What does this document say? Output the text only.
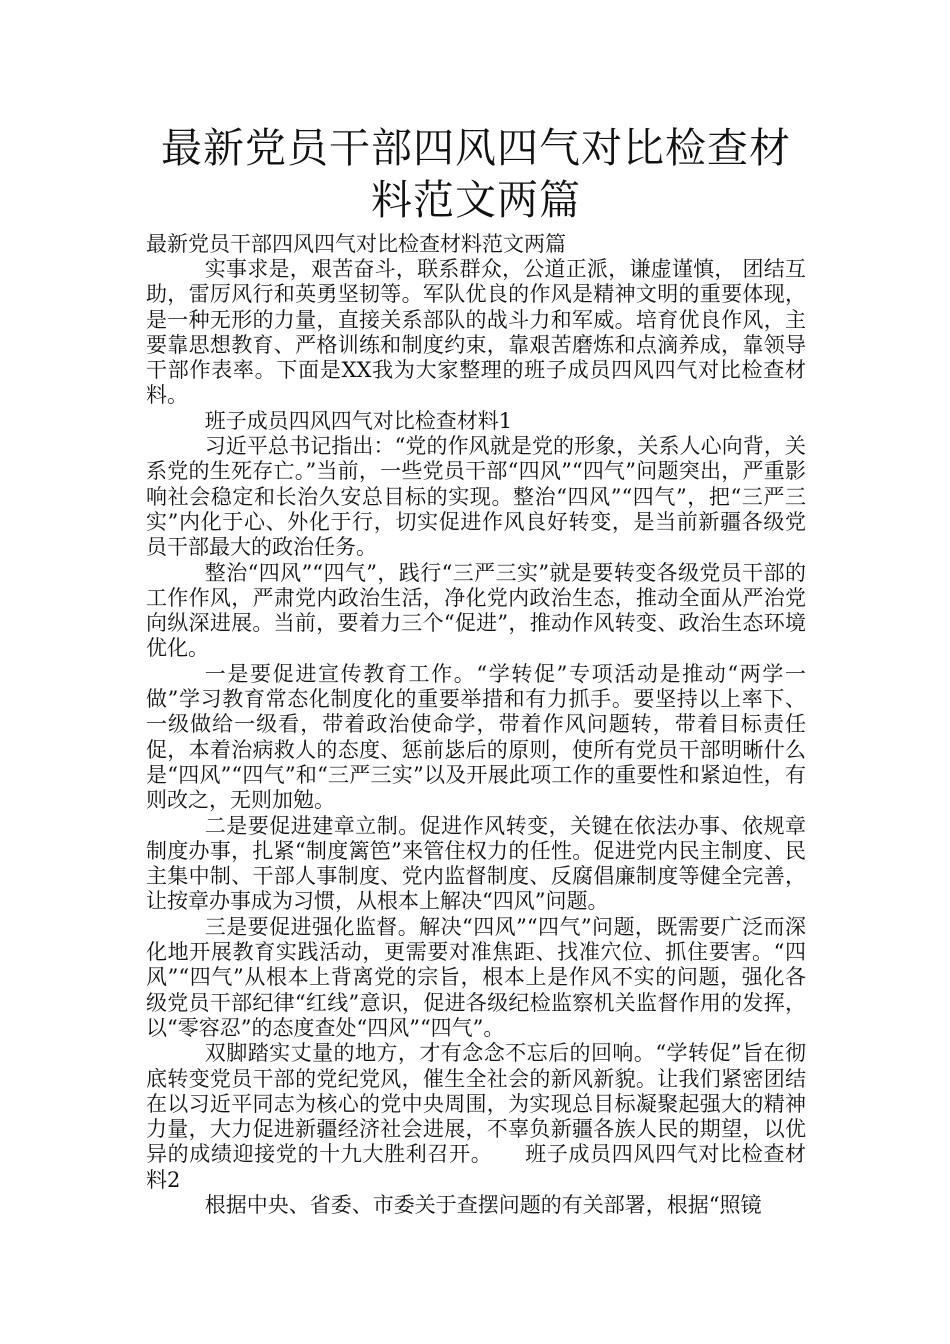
最新党员干部四风四气对比检查材料范文两篇

最新党员干部四风四气对比检查材料范文两篇

实事求是，艰苦奋斗，联系群众，公道正派，谦虚谨慎， 团结互助，雷厉风行和英勇坚韧等。军队优良的作风是精神文明的重要体现，是一种无形的力量，直接关系部队的战斗力和军威。培育优良作风，主要靠思想教育、严格训练和制度约束，靠艰苦磨炼和点滴养成，靠领导干部作表率。下面是XX我为大家整理的班子成员四风四气对比检查材料。

班子成员四风四气对比检查材料1

习近平总书记指出：“党的作风就是党的形象，关系人心向背，关系党的生死存亡。”当前，一些党员干部“四风”“四气”问题突出，严重影响社会稳定和长治久安总目标的实现。整治“四风”“四气”，把“三严三实”内化于心、外化于行，切实促进作风良好转变，是当前新疆各级党员干部最大的政治任务。

整治“四风”“四气”，践行“三严三实”就是要转变各级党员干部的工作作风，严肃党内政治生活，净化党内政治生态，推动全面从严治党向纵深进展。当前，要着力三个“促进”，推动作风转变、政治生态环境优化。

一是要促进宣传教育工作。“学转促”专项活动是推动“两学一做”学习教育常态化制度化的重要举措和有力抓手。要坚持以上率下、一级做给一级看，带着政治使命学，带着作风问题转，带着目标责任促，本着治病救人的态度、惩前毖后的原则，使所有党员干部明晰什么是“四风”“四气”和“三严三实”以及开展此项工作的重要性和紧迫性，有则改之，无则加勉。

二是要促进建章立制。促进作风转变，关键在依法办事、依规章制度办事，扎紧“制度篱笆”来管住权力的任性。促进党内民主制度、民主集中制、干部人事制度、党内监督制度、反腐倡廉制度等健全完善，让按章办事成为习惯，从根本上解决“四风”问题。

三是要促进强化监督。解决“四风”“四气”问题，既需要广泛而深化地开展教育实践活动，更需要对准焦距、找准穴位、抓住要害。“四风”“四气”从根本上背离党的宗旨，根本上是作风不实的问题，强化各级党员干部纪律“红线”意识，促进各级纪检监察机关监督作用的发挥，以“零容忍”的态度查处“四风”“四气”。

双脚踏实丈量的地方，才有念念不忘后的回响。“学转促”旨在彻底转变党员干部的党纪党风，催生全社会的新风新貌。让我们紧密团结在以习近平同志为核心的党中央周围，为实现总目标凝聚起强大的精神力量，大力促进新疆经济社会进展，不辜负新疆各族人民的期望，以优异的成绩迎接党的十九大胜利召开。　　班子成员四风四气对比检查材料2

根据中央、省委、市委关于查摆问题的有关部署，根据“照镜
